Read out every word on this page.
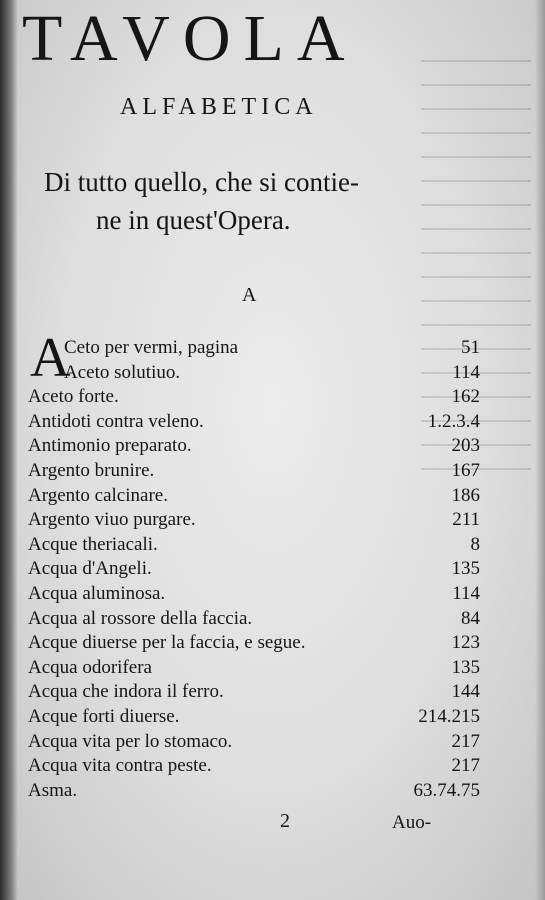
TAVOLA
ALFABETICA
Di tutto quello, che si contie-
ne in quest'Opera.
A
A
Ceto per vermi, pagina	51
Aceto solutiuo.	114
Aceto forte.	162
Antidoti contra veleno.	1.2.3.4
Antimonio preparato.	203
Argento brunire.	167
Argento calcinare.	186
Argento viuo purgare.	211
Acque theriacali.	8
Acqua d'Angeli.	135
Acqua aluminosa.	114
Acqua al rossore della faccia.	84
Acque diuerse per la faccia, e segue.	123
Acqua odorifera	135
Acqua che indora il ferro.	144
Acque forti diuerse.	214.215
Acqua vita per lo stomaco.	217
Acqua vita contra peste.	217
Asma.	63.74.75
2	Auo-
